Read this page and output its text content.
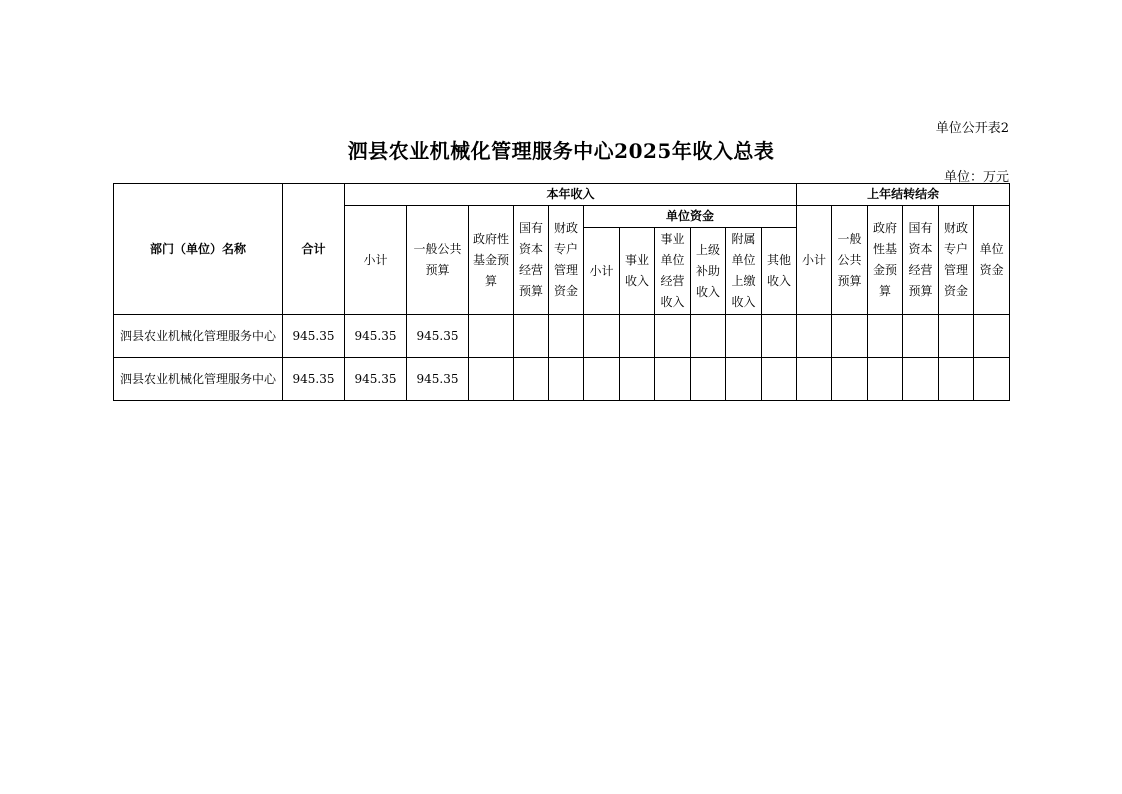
单位公开表2
泗县农业机械化管理服务中心2025年收入总表
单位：万元
部门（单位）名称	合计	本年收入											上年结转结余					
		小计	一般公共预算	政府性基金预算	国有资本经营预算	财政专户管理资金	单位资金						小计	一般公共预算	政府性基金预算	国有资本经营预算	财政专户管理资金	单位资金
							小计	事业收入	事业单位经营收入	上级补助收入	附属单位上缴收入	其他收入						
泗县农业机械化管理服务中心	945.35	945.35	945.35															
泗县农业机械化管理服务中心	945.35	945.35	945.35															
